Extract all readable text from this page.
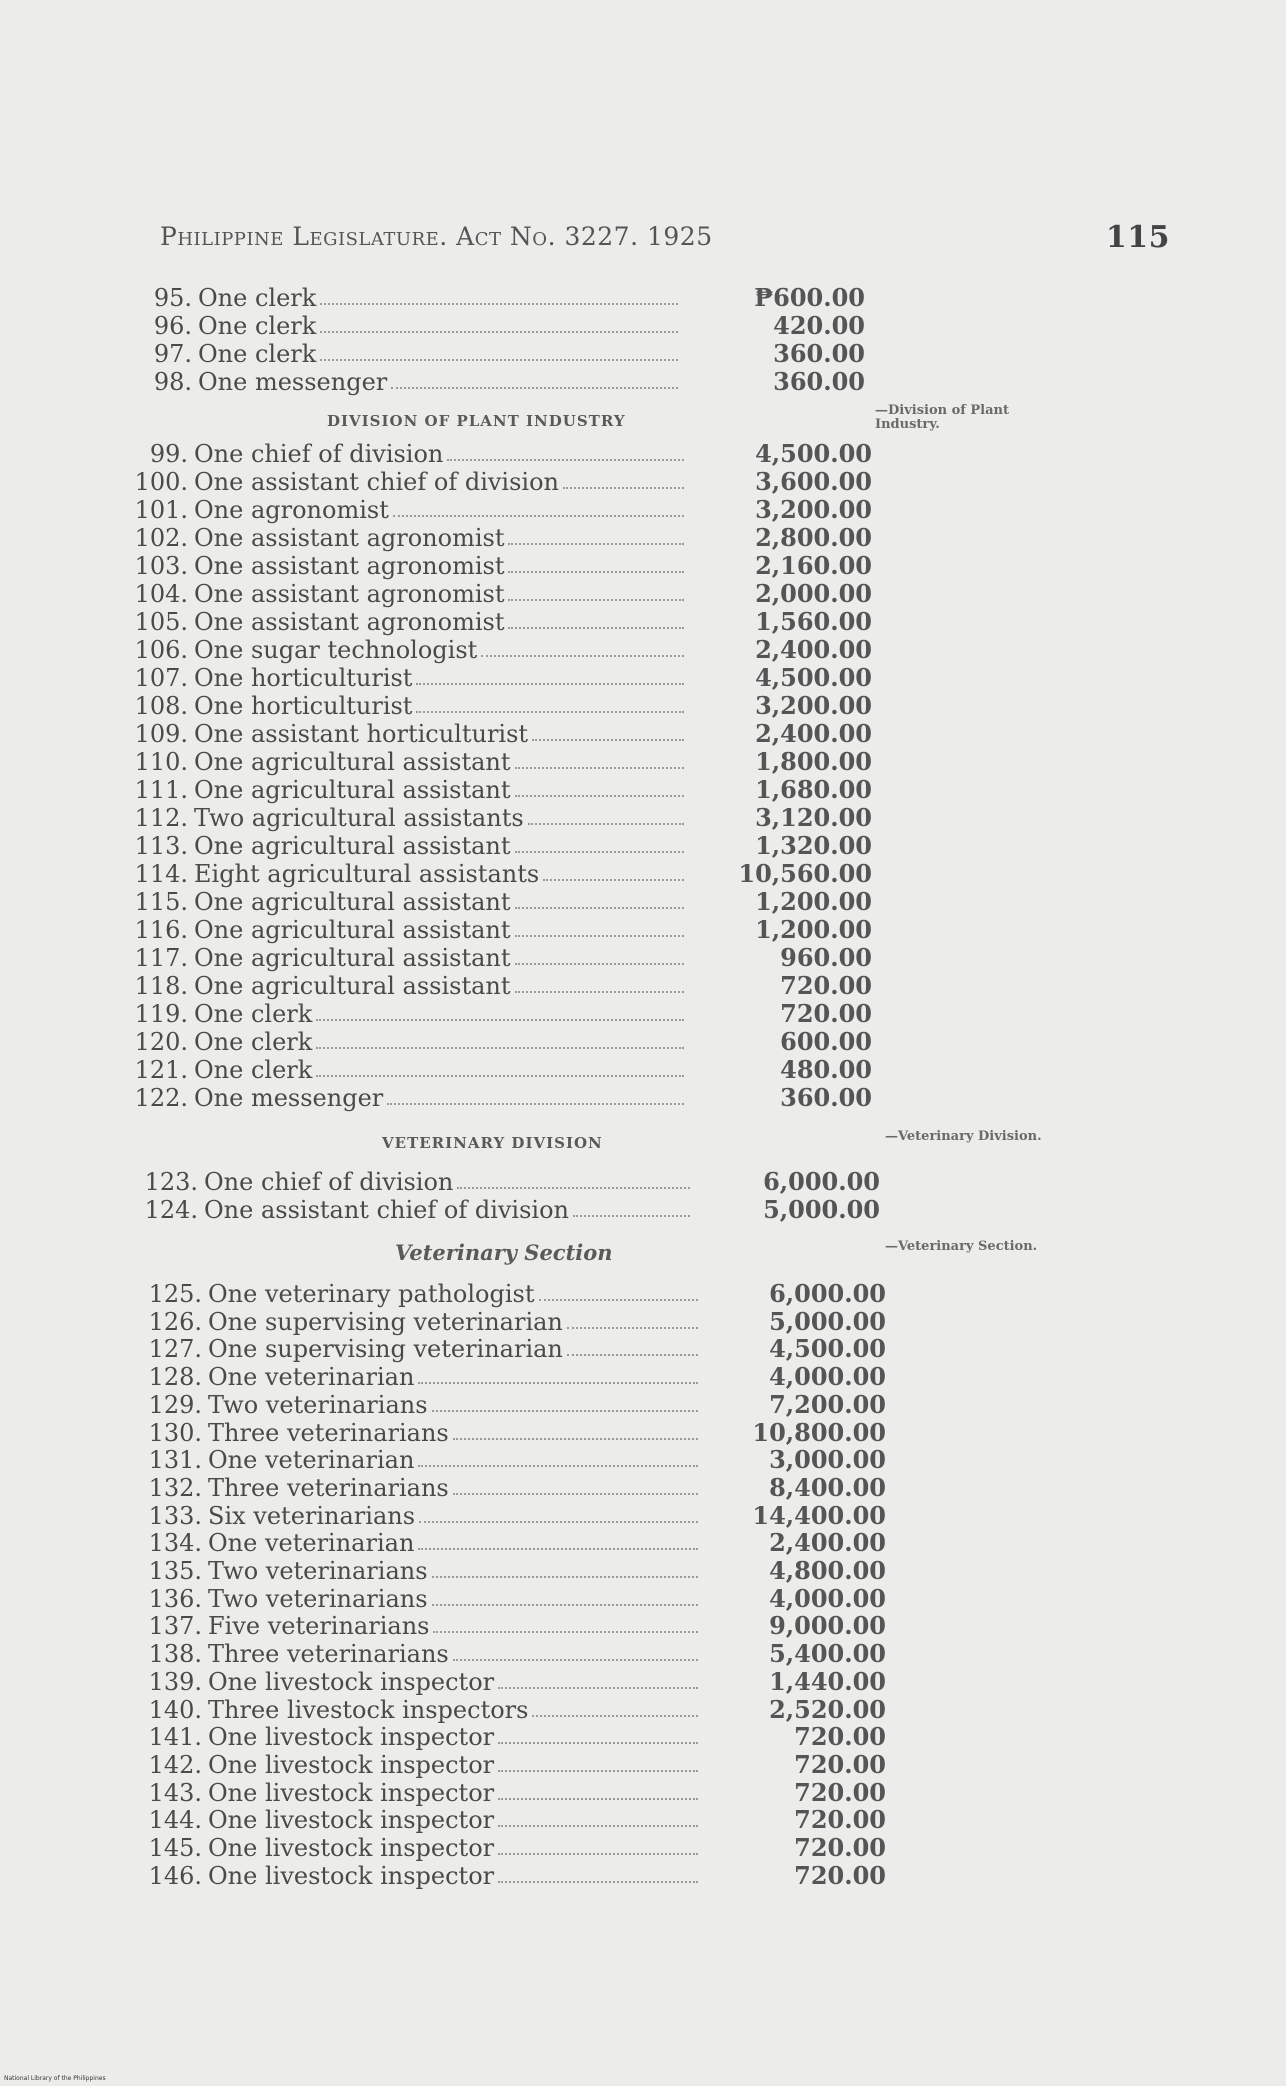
Philippine Legislature. Act No. 3227. 1925	115
95. One clerk	₱600.00
96. One clerk	420.00
97. One clerk	360.00
98. One messenger	360.00
DIVISION OF PLANT INDUSTRY
—Division of Plant Industry.
99. One chief of division	4,500.00
100. One assistant chief of division	3,600.00
101. One agronomist	3,200.00
102. One assistant agronomist	2,800.00
103. One assistant agronomist	2,160.00
104. One assistant agronomist	2,000.00
105. One assistant agronomist	1,560.00
106. One sugar technologist	2,400.00
107. One horticulturist	4,500.00
108. One horticulturist	3,200.00
109. One assistant horticulturist	2,400.00
110. One agricultural assistant	1,800.00
111. One agricultural assistant	1,680.00
112. Two agricultural assistants	3,120.00
113. One agricultural assistant	1,320.00
114. Eight agricultural assistants	10,560.00
115. One agricultural assistant	1,200.00
116. One agricultural assistant	1,200.00
117. One agricultural assistant	960.00
118. One agricultural assistant	720.00
119. One clerk	720.00
120. One clerk	600.00
121. One clerk	480.00
122. One messenger	360.00
VETERINARY DIVISION	—Veterinary Division.
123. One chief of division	6,000.00
124. One assistant chief of division	5,000.00
Veterinary Section	—Veterinary Section.
125. One veterinary pathologist	6,000.00
126. One supervising veterinarian	5,000.00
127. One supervising veterinarian	4,500.00
128. One veterinarian	4,000.00
129. Two veterinarians	7,200.00
130. Three veterinarians	10,800.00
131. One veterinarian	3,000.00
132. Three veterinarians	8,400.00
133. Six veterinarians	14,400.00
134. One veterinarian	2,400.00
135. Two veterinarians	4,800.00
136. Two veterinarians	4,000.00
137. Five veterinarians	9,000.00
138. Three veterinarians	5,400.00
139. One livestock inspector	1,440.00
140. Three livestock inspectors	2,520.00
141. One livestock inspector	720.00
142. One livestock inspector	720.00
143. One livestock inspector	720.00
144. One livestock inspector	720.00
145. One livestock inspector	720.00
146. One livestock inspector	720.00
National Library of the Philippines
